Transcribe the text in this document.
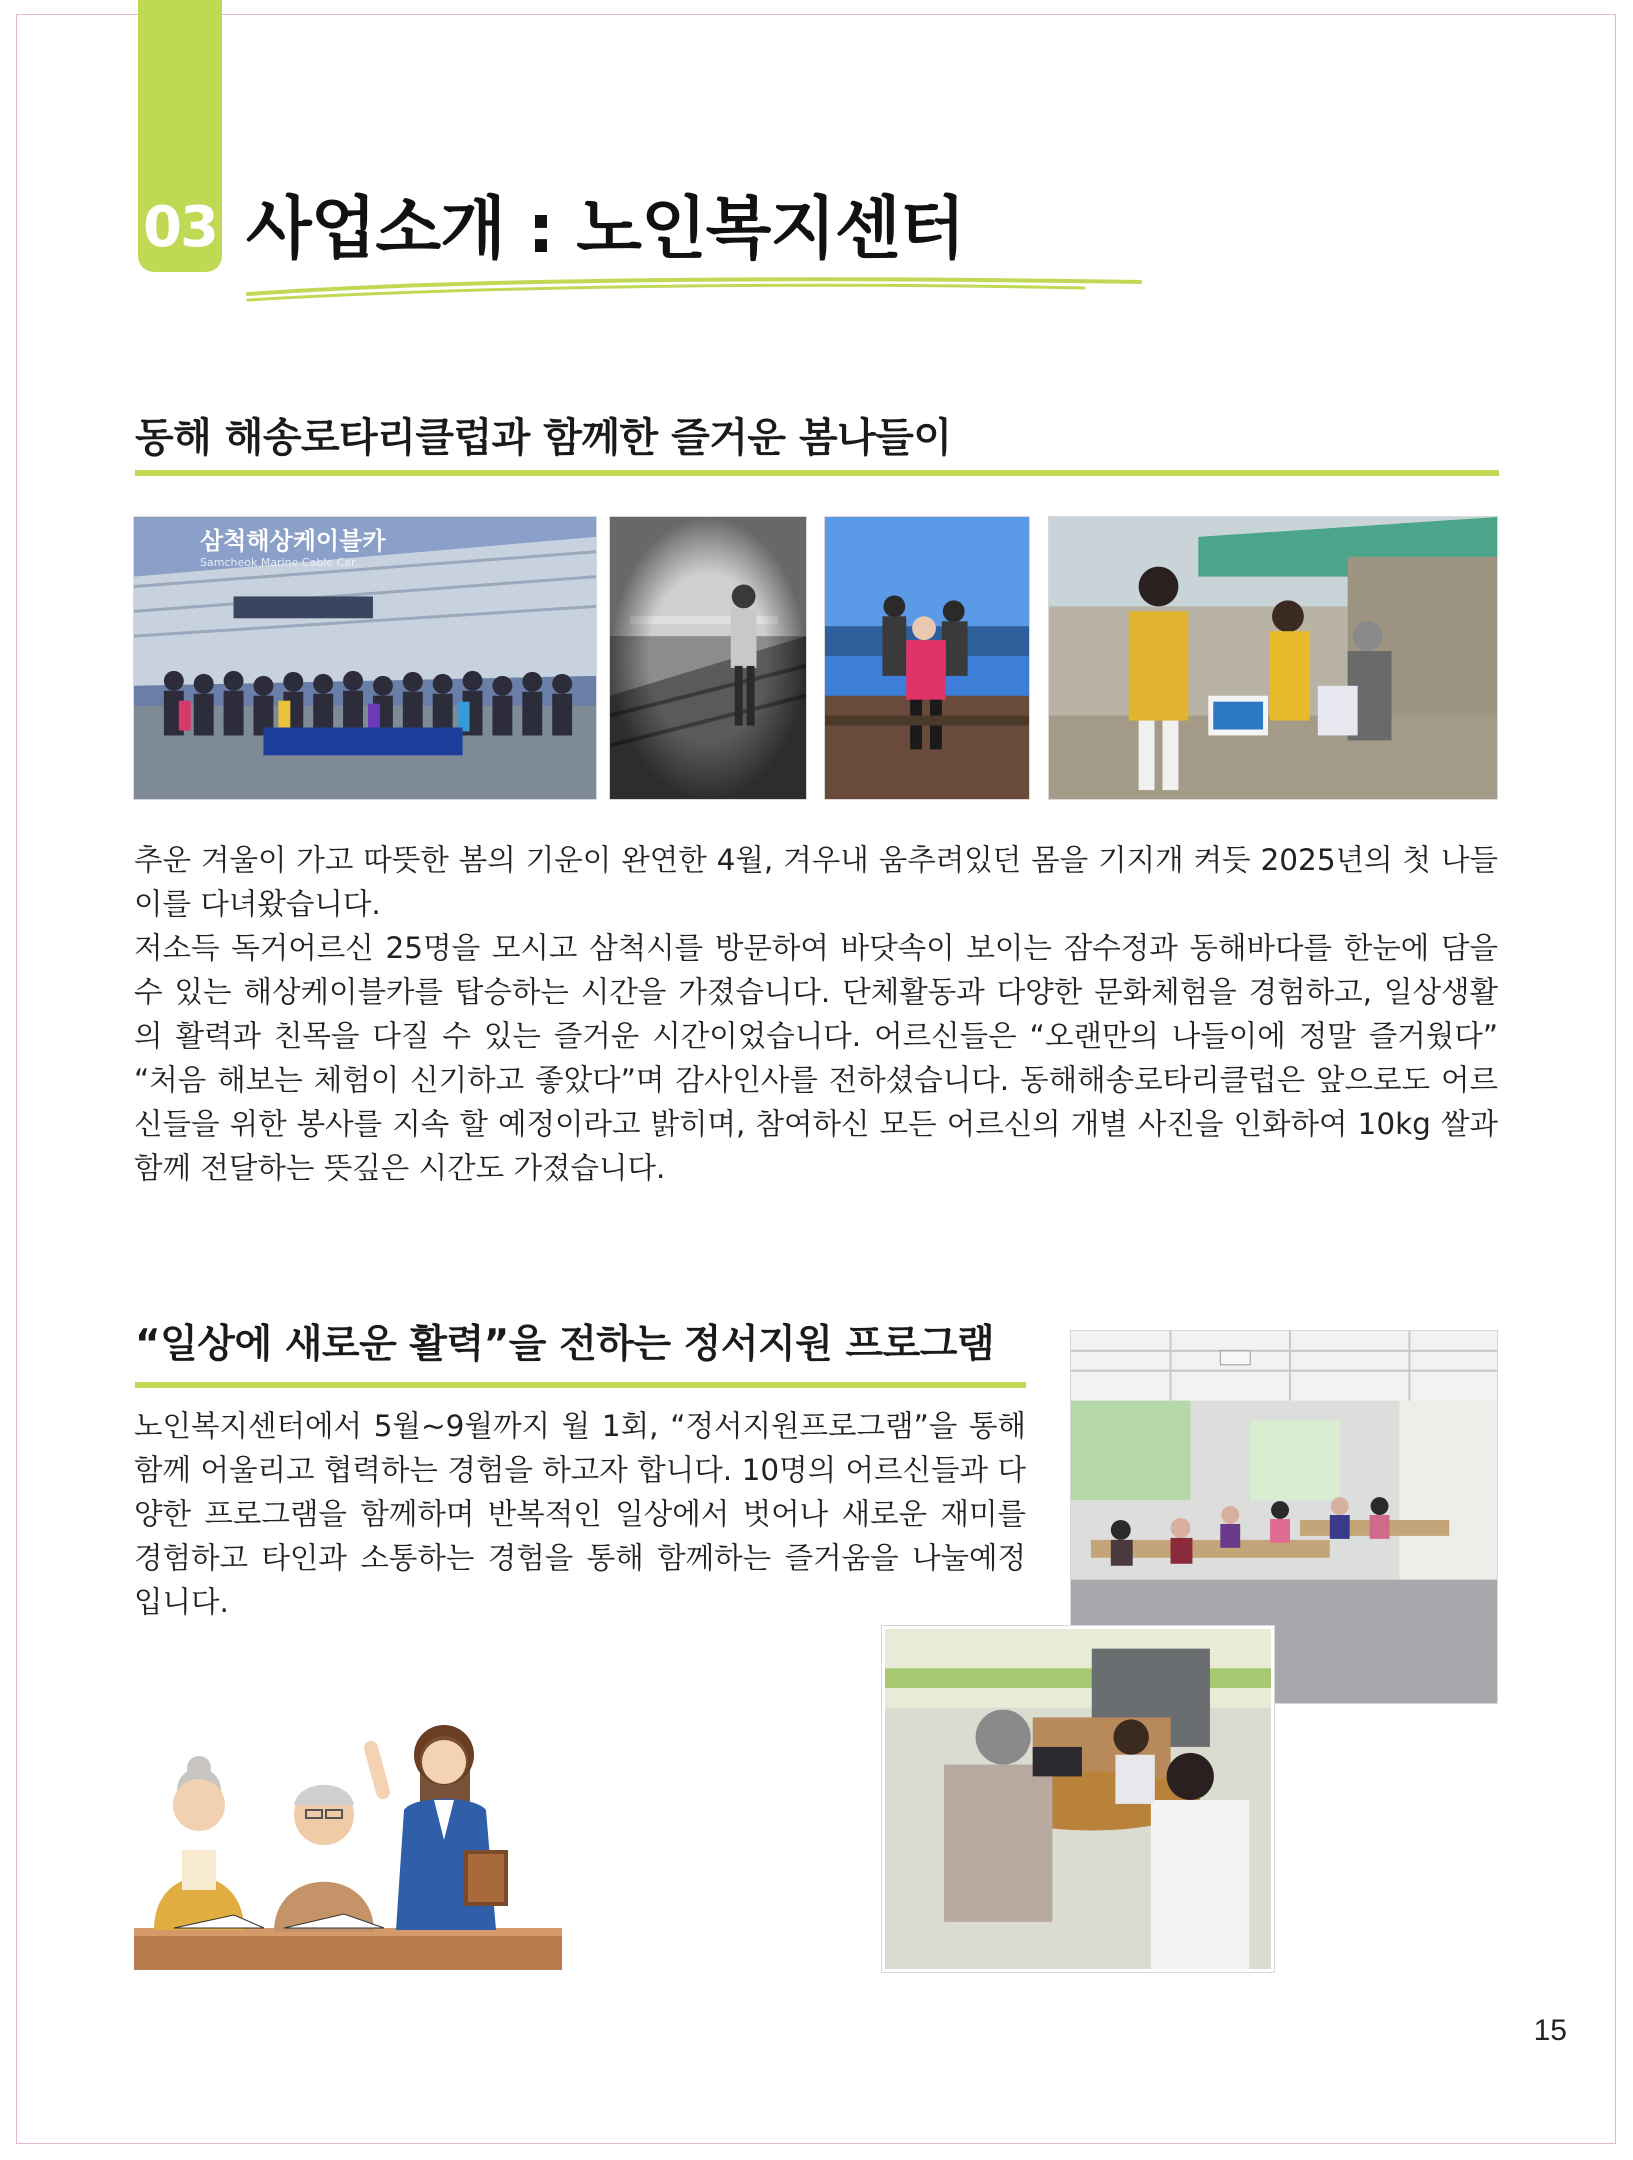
03 사업소개 : 노인복지센터
동해 해송로타리클럽과 함께한 즐거운 봄나들이
삼척해상케이블카
Samcheok Marine Cable Car

추운 겨울이 가고 따뜻한 봄의 기운이 완연한 4월, 겨우내 움추려있던 몸을 기지개 켜듯 2025년의 첫 나들이를 다녀왔습니다.

저소득 독거어르신 25명을 모시고 삼척시를 방문하여 바닷속이 보이는 잠수정과 동해바다를 한눈에 담을 수 있는 해상케이블카를 탑승하는 시간을 가졌습니다. 단체활동과 다양한 문화체험을 경험하고, 일상생활의 활력과 친목을 다질 수 있는 즐거운 시간이었습니다. 어르신들은 “오랜만의 나들이에 정말 즐거웠다” “처음 해보는 체험이 신기하고 좋았다”며 감사인사를 전하셨습니다. 동해해송로타리클럽은 앞으로도 어르신들을 위한 봉사를 지속 할 예정이라고 밝히며, 참여하신 모든 어르신의 개별 사진을 인화하여 10kg 쌀과 함께 전달하는 뜻깊은 시간도 가졌습니다.

“일상에 새로운 활력”을 전하는 정서지원 프로그램

노인복지센터에서 5월~9월까지 월 1회, “정서지원프로그램”을 통해 함께 어울리고 협력하는 경험을 하고자 합니다. 10명의 어르신들과 다양한 프로그램을 함께하며 반복적인 일상에서 벗어나 새로운 재미를 경험하고 타인과 소통하는 경험을 통해 함께하는 즐거움을 나눌예정입니다.

15
